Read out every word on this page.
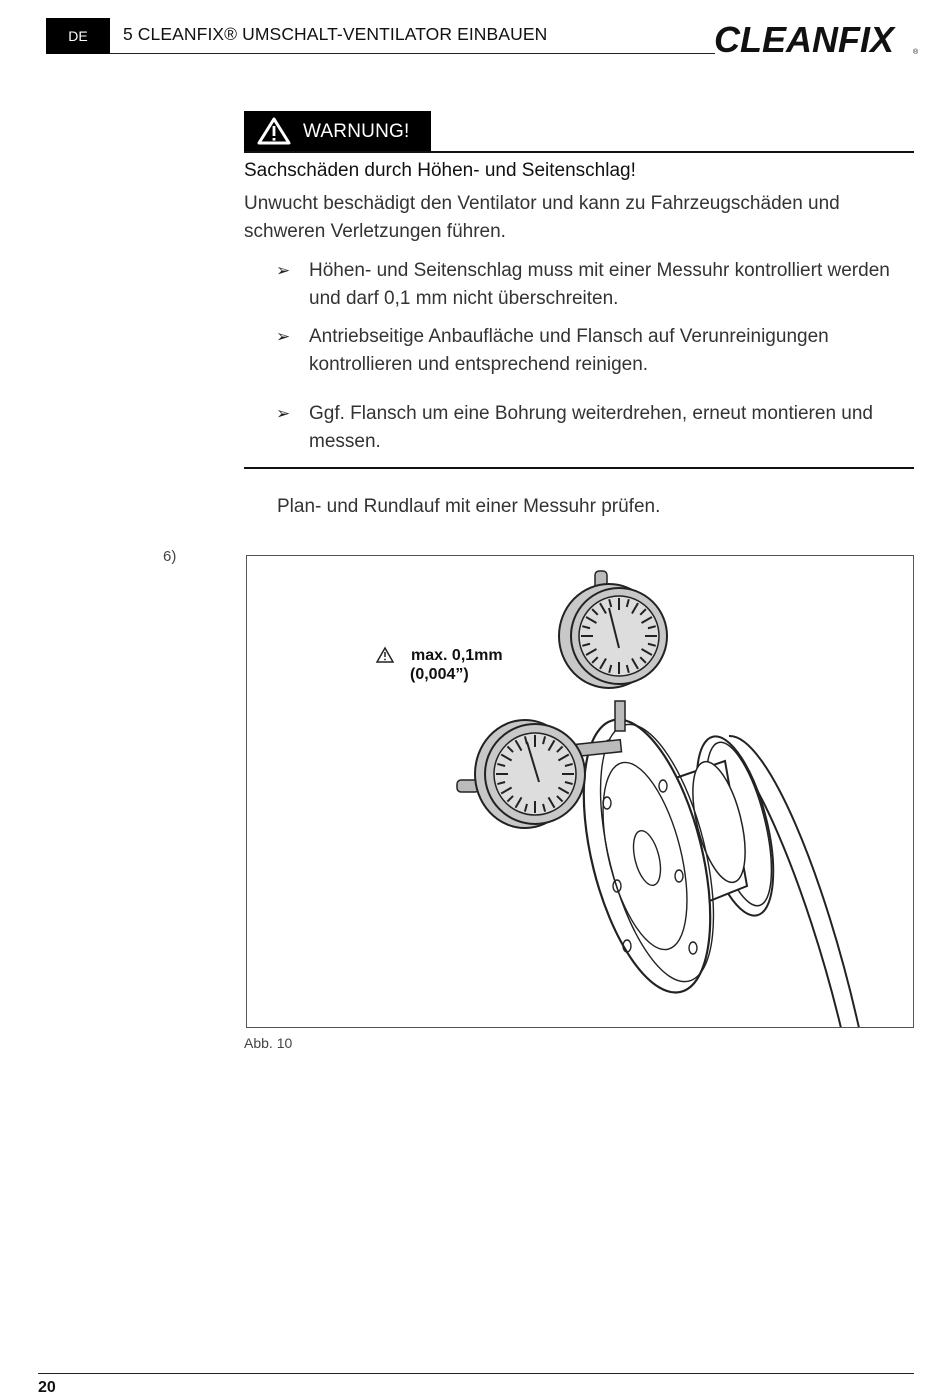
DE	5 CLEANFIX® UMSCHALT-VENTILATOR EINBAUEN	CLEANFIX	®
WARNUNG!
Sachschäden durch Höhen- und Seitenschlag!
Unwucht beschädigt den Ventilator und kann zu Fahrzeugschäden und schweren Verletzungen führen.
➢ Höhen- und Seitenschlag muss mit einer Messuhr kontrolliert werden und darf 0,1 mm nicht überschreiten.
➢ Antriebseitige Anbaufläche und Flansch auf Verunreinigungen kontrollieren und entsprechend reinigen.
➢ Ggf. Flansch um eine Bohrung weiterdrehen, erneut montieren und messen.
Plan- und Rundlauf mit einer Messuhr prüfen.
6)
max. 0,1mm
(0,004”)
Abb. 10
20
